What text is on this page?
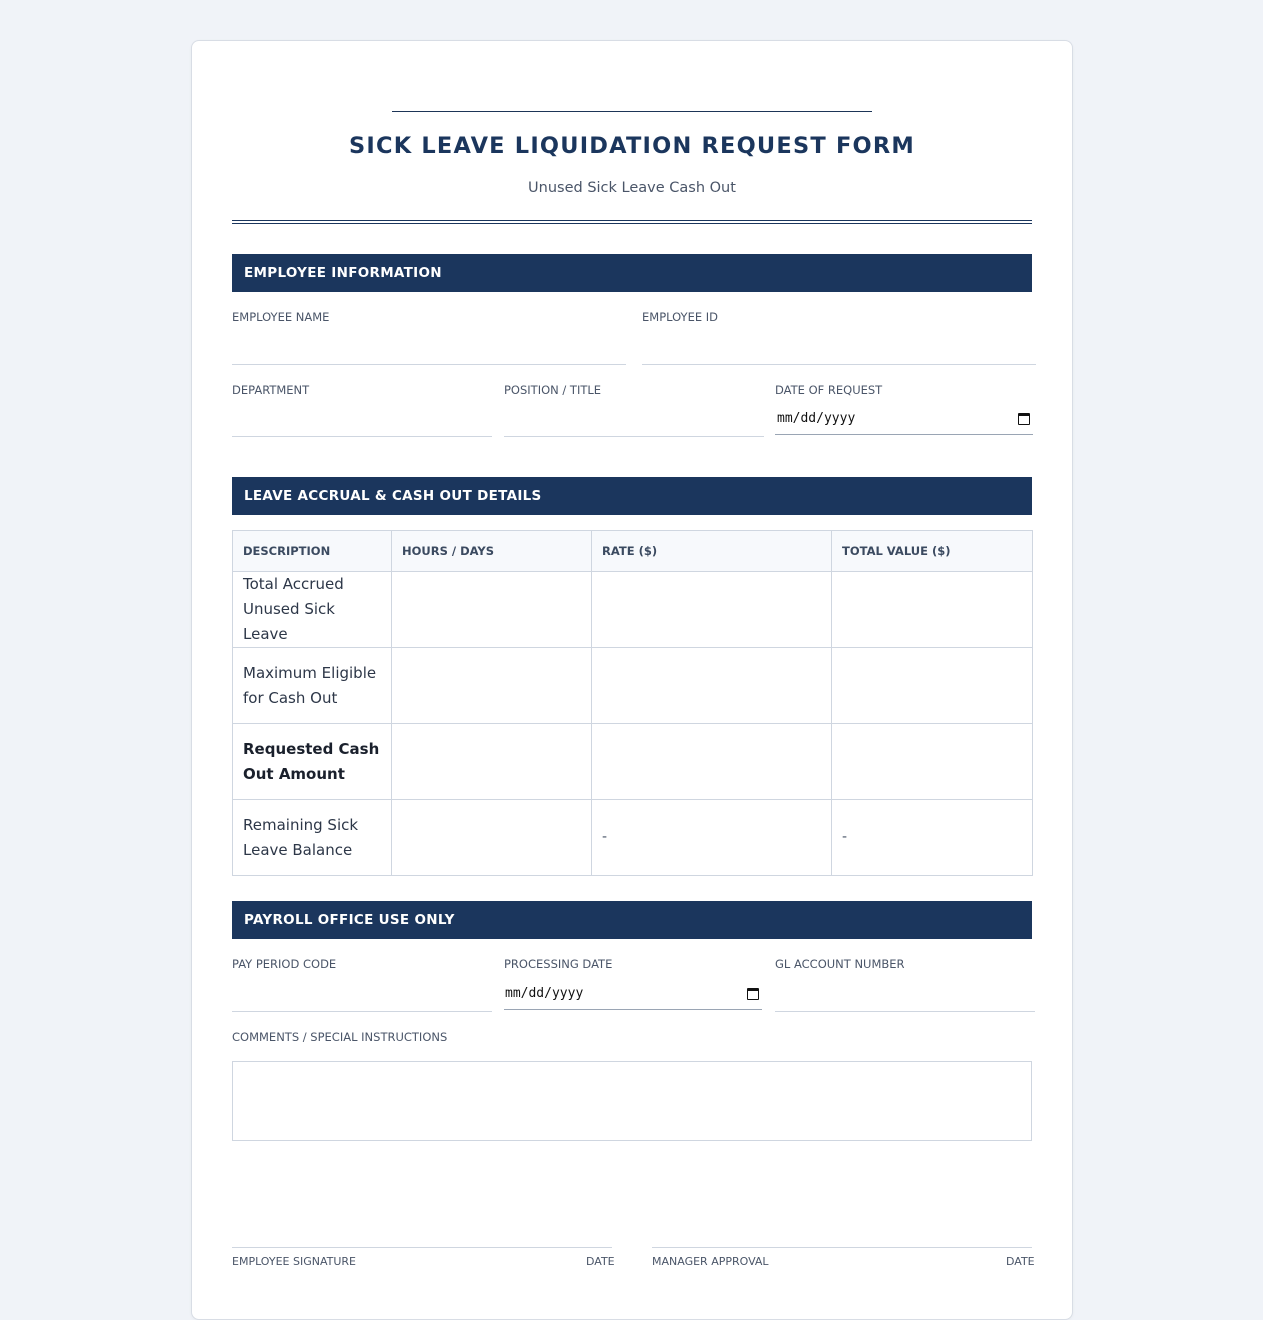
SICK LEAVE LIQUIDATION REQUEST FORM
Unused Sick Leave Cash Out
EMPLOYEE INFORMATION
EMPLOYEE NAME	EMPLOYEE ID
DEPARTMENT	POSITION / TITLE	DATE OF REQUEST
mm/dd/yyyy
LEAVE ACCRUAL & CASH OUT DETAILS
DESCRIPTION	HOURS / DAYS	RATE ($)	TOTAL VALUE ($)
Total Accrued Unused Sick Leave			
Maximum Eligible for Cash Out			
Requested Cash Out Amount			
Remaining Sick Leave Balance		-	-
PAYROLL OFFICE USE ONLY
PAY PERIOD CODE	PROCESSING DATE
mm/dd/yyyy
GL ACCOUNT NUMBER
COMMENTS / SPECIAL INSTRUCTIONS
EMPLOYEE SIGNATURE	DATE	MANAGER APPROVAL	DATE
